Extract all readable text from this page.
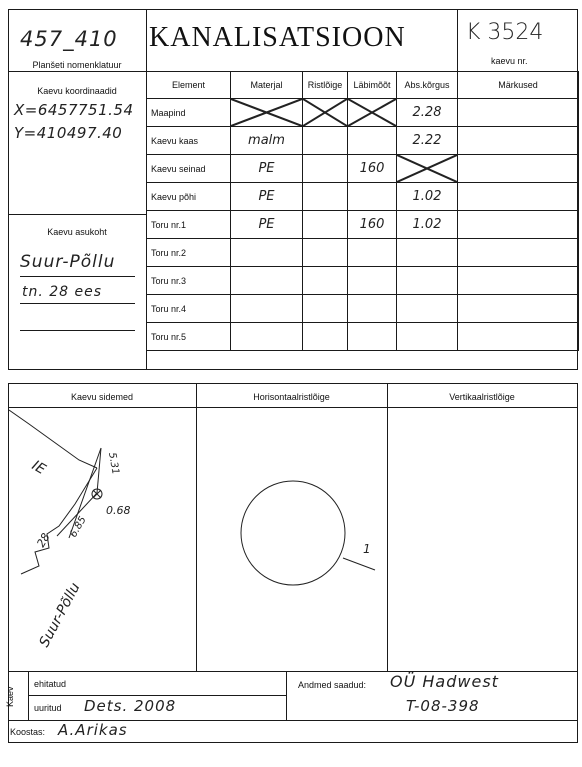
457_410
Planšeti nomenklatuur
KANALISATSIOON	K 3524
kaevu nr.
Kaevu koordinaadid
X=6457751.54
Y=410497.40
Kaevu asukoht
Suur-Põllu
tn. 28 ees
Element	Materjal	Ristlõige	Läbimõõt	Abs.kõrgus	Märkused
Maapind				2.28	

Kaevu kaas	malm			2.22	

Kaevu seinad	PE		160

Kaevu põhi	PE			1.02	

Toru nr.1	PE		160	1.02	

Toru nr.2	

Toru nr.3	

Toru nr.4	

Toru nr.5	

Kaevu sidemed	Horisontaalristlõige	Vertikaalristlõige
IE	5.31
0.68
6.85
28
Suur-Põllu
1
Kaev
ehitatud
uuritud Dets. 2008
Andmed saadud: OÜ Hadwest
T-08-398
Koostas: A.Arikas
